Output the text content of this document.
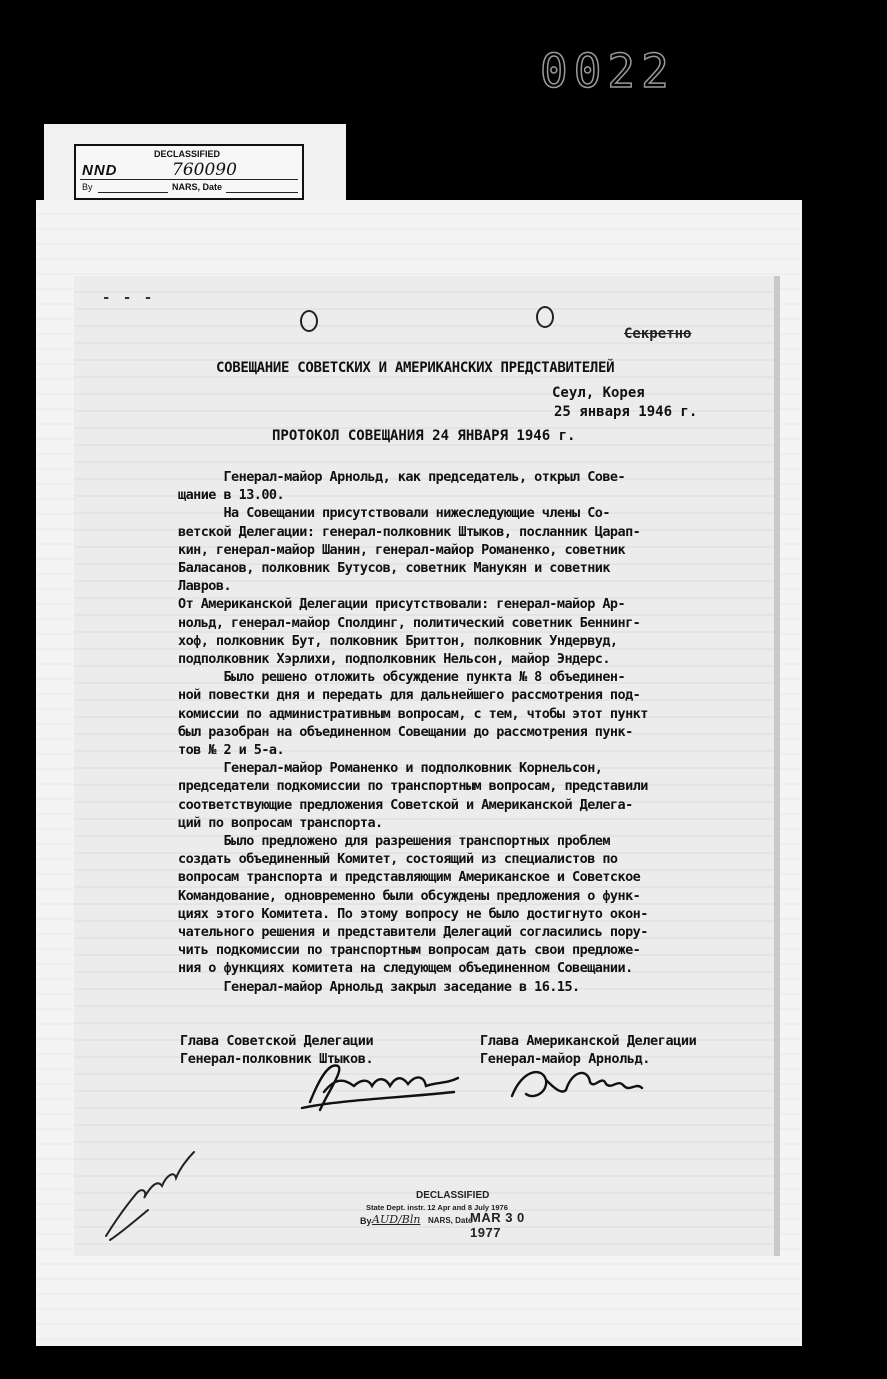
0022
DECLASSIFIED
NND	760090
By	NARS, Date
- - -
Секретно
СОВЕЩАНИЕ СОВЕТСКИХ И АМЕРИКАНСКИХ ПРЕДСТАВИТЕЛЕЙ
Сеул, Корея
25 января 1946 г.
ПРОТОКОЛ СОВЕЩАНИЯ 24 ЯНВАРЯ 1946 г.
Генерал-майор Арнольд, как председатель, открыл Сове-
щание в 13.00.
На Совещании присутствовали нижеследующие члены Со-
ветской Делегации: генерал-полковник Штыков, посланник Царап-
кин, генерал-майор Шанин, генерал-майор Романенко, советник
Баласанов, полковник Бутусов, советник Манукян и советник
Лавров.
От Американской Делегации присутствовали: генерал-майор Ар-
нольд, генерал-майор Сполдинг, политический советник Беннинг-
хоф, полковник Бут, полковник Бриттон, полковник Ундервуд,
подполковник Хэрлихи, подполковник Нельсон, майор Эндерс.
Было решено отложить обсуждение пункта № 8 объединен-
ной повестки дня и передать для дальнейшего рассмотрения под-
комиссии по административным вопросам, с тем, чтобы этот пункт
был разобран на объединенном Совещании до рассмотрения пунк-
тов № 2 и 5-а.
Генерал-майор Романенко и подполковник Корнельсон,
председатели подкомиссии по транспортным вопросам, представили
соответствующие предложения Советской и Американской Делега-
ций по вопросам транспорта.
Было предложено для разрешения транспортных проблем
создать объединенный Комитет, состоящий из специалистов по
вопросам транспорта и представляющим Американское и Советское
Командование, одновременно были обсуждены предложения о функ-
циях этого Комитета. По этому вопросу не было достигнуто окон-
чательного решения и представители Делегаций согласились пору-
чить подкомиссии по транспортным вопросам дать свои предложе-
ния о функциях комитета на следующем объединенном Совещании.
Генерал-майор Арнольд закрыл заседание в 16.15.
Глава Советской Делегации
Генерал-полковник Штыков.
Глава Американской Делегации
Генерал-майор Арнольд.
DECLASSIFIED
State Dept. instr. 12 Apr and 8 July 1976
By AUD/Bln NARS, Date
MAR 3 0 1977
